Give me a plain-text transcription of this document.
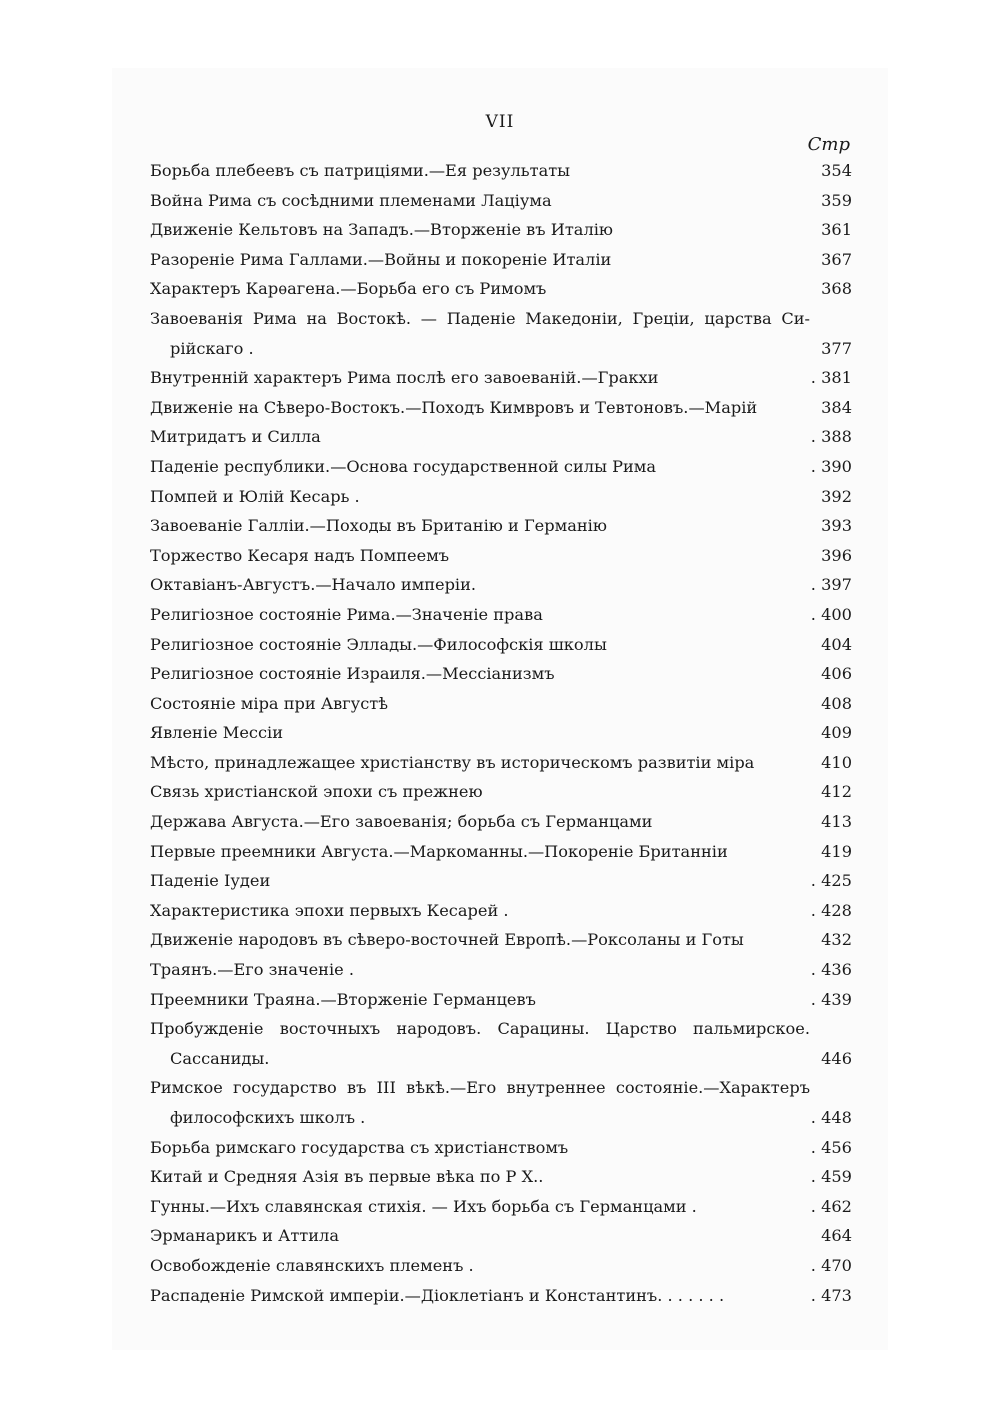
VII
Стр
Борьба плебеевъ съ патриціями.—Ея результаты	354
Война Рима съ сосѣдними племенами Лаціума	359
Движеніе Кельтовъ на Западъ.—Вторженіе въ Италію	361
Разореніе Рима Галлами.—Войны и покореніе Италіи	367
Характеръ Карѳагена.—Борьба его съ Римомъ	368
Завоеванія Рима на Востокѣ. — Паденіе Македоніи, Греціи, царства Си-
рійскаго .	377
Внутренній характеръ Рима послѣ его завоеваній.—Гракхи	. 381
Движеніе на Сѣверо-Востокъ.—Походъ Кимвровъ и Тевтоновъ.—Марій	384
Митридатъ и Силла	. 388
Паденіе республики.—Основа государственной силы Рима	. 390
Помпей и Юлій Кесарь .	392
Завоеваніе Галліи.—Походы въ Британію и Германію	393
Торжество Кесаря надъ Помпеемъ	396
Октавіанъ-Августъ.—Начало имперіи.	. 397
Религіозное состояніе Рима.—Значеніе права	. 400
Религіозное состояніе Эллады.—Философскія школы	404
Религіозное состояніе Израиля.—Мессіанизмъ	406
Состояніе міра при Августѣ	408
Явленіе Мессіи	409
Мѣсто, принадлежащее христіанству въ историческомъ развитіи міра	410
Связь христіанской эпохи съ прежнею	412
Держава Августа.—Его завоеванія; борьба съ Германцами	413
Первые преемники Августа.—Маркоманны.—Покореніе Британніи	419
Паденіе Іудеи	. 425
Характеристика эпохи первыхъ Кесарей .	. 428
Движеніе народовъ въ сѣверо-восточней Европѣ.—Роксоланы и Готы	432
Траянъ.—Его значеніе .	. 436
Преемники Траяна.—Вторженіе Германцевъ	. 439
Пробужденіе восточныхъ народовъ. Сарацины. Царство пальмирское.
Сассаниды.	446
Римское государство въ III вѣкѣ.—Его внутреннее состояніе.—Характеръ
философскихъ школъ .	. 448
Борьба римскаго государства съ христіанствомъ	. 456
Китай и Средняя Азія въ первые вѣка по Р Х..	. 459
Гунны.—Ихъ славянская стихія. — Ихъ борьба съ Германцами .	. 462
Эрманарикъ и Аттила	464
Освобожденіе славянскихъ племенъ .	. 470
Распаденіе Римской имперіи.—Діоклетіанъ и Константинъ. . . . . . .	. 473
